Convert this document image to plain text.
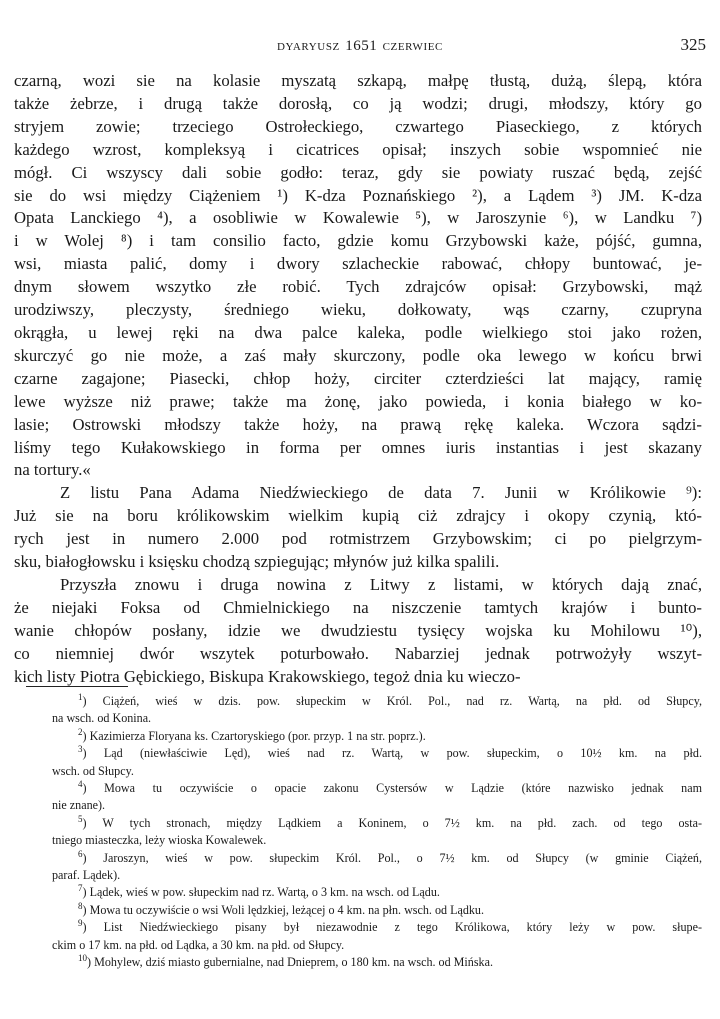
DYARYUSZ 1651 CZERWIEC	325

czarną, wozi sie na kolasie myszatą szkapą, małpę tłustą, dużą, ślepą, która
także żebrze, i drugą także dorosłą, co ją wodzi; drugi, młodszy, który go
stryjem zowie; trzeciego Ostrołeckiego, czwartego Piaseckiego, z których
każdego wzrost, kompleksyą i cicatrices opisał; inszych sobie wspomnieć nie
mógł. Ci wszyscy dali sobie godło: teraz, gdy sie powiaty ruszać będą, zejść
sie do wsi między Ciążeniem ¹) K-dza Poznańskiego ²), a Lądem ³) JM. K-dza
Opata Lanckiego ⁴), a osobliwie w Kowalewie ⁵), w Jaroszynie ⁶), w Landku ⁷)
i w Wolej ⁸) i tam consilio facto, gdzie komu Grzybowski każe, pójść, gumna,
wsi, miasta palić, domy i dwory szlacheckie rabować, chłopy buntować, je-
dnym słowem wszytko złe robić. Tych zdrajców opisał: Grzybowski, mąż
urodziwszy, pleczysty, średniego wieku, dołkowaty, wąs czarny, czupryna
okrągła, u lewej ręki na dwa palce kaleka, podle wielkiego stoi jako rożen,
skurczyć go nie może, a zaś mały skurczony, podle oka lewego w końcu brwi
czarne zagajone; Piasecki, chłop hoży, circiter czterdzieści lat mający, ramię
lewe wyższe niż prawe; także ma żonę, jako powieda, i konia białego w ko-
lasie; Ostrowski młodszy także hoży, na prawą rękę kaleka. Wczora sądzi-
liśmy tego Kułakowskiego in forma per omnes iuris instantias i jest skazany
na tortury.«

Z listu Pana Adama Niedźwieckiego de data 7. Junii w Królikowie ⁹):
Już sie na boru królikowskim wielkim kupią ciż zdrajcy i okopy czynią, któ-
rych jest in numero 2.000 pod rotmistrzem Grzybowskim; ci po pielgrzym-
sku, białogłowsku i księsku chodzą szpiegując; młynów już kilka spalili.

Przyszła znowu i druga nowina z Litwy z listami, w których dają znać,
że niejaki Foksa od Chmielnickiego na niszczenie tamtych krajów i bunto-
wanie chłopów posłany, idzie we dwudziestu tysięcy wojska ku Mohilowu ¹⁰),
co niemniej dwór wszytek poturbowało. Nabarziej jednak potrwożyły wszyt-
kich listy Piotra Gębickiego, Biskupa Krakowskiego, tegoż dnia ku wieczo-

$^1$) Ciążeń, wieś w dzis. pow. słupeckim w Król. Pol., nad rz. Wartą, na płd. od Słupcy,
na wsch. od Konina.
$^2$) Kazimierza Floryana ks. Czartoryskiego (por. przyp. 1 na str. poprz.).
$^3$) Ląd (niewłaściwie Lęd), wieś nad rz. Wartą, w pow. słupeckim, o 10½ km. na płd.
wsch. od Słupcy.
$^4$) Mowa tu oczywiście o opacie zakonu Cystersów w Lądzie (które nazwisko jednak nam
nie znane).
$^5$) W tych stronach, między Lądkiem a Koninem, o 7½ km. na płd. zach. od tego osta-
tniego miasteczka, leży wioska Kowalewek.
$^6$) Jaroszyn, wieś w pow. słupeckim Król. Pol., o 7½ km. od Słupcy (w gminie Ciążeń,
paraf. Lądek).
$^7$) Lądek, wieś w pow. słupeckim nad rz. Wartą, o 3 km. na wsch. od Lądu.
$^8$) Mowa tu oczywiście o wsi Woli lędzkiej, leżącej o 4 km. na płn. wsch. od Lądku.
$^9$) List Niedźwieckiego pisany był niezawodnie z tego Królikowa, który leży w pow. słupe-
ckim o 17 km. na płd. od Lądka, a 30 km. na płd. od Słupcy.
$^{10}$) Mohylew, dziś miasto gubernialne, nad Dnieprem, o 180 km. na wsch. od Mińska.
